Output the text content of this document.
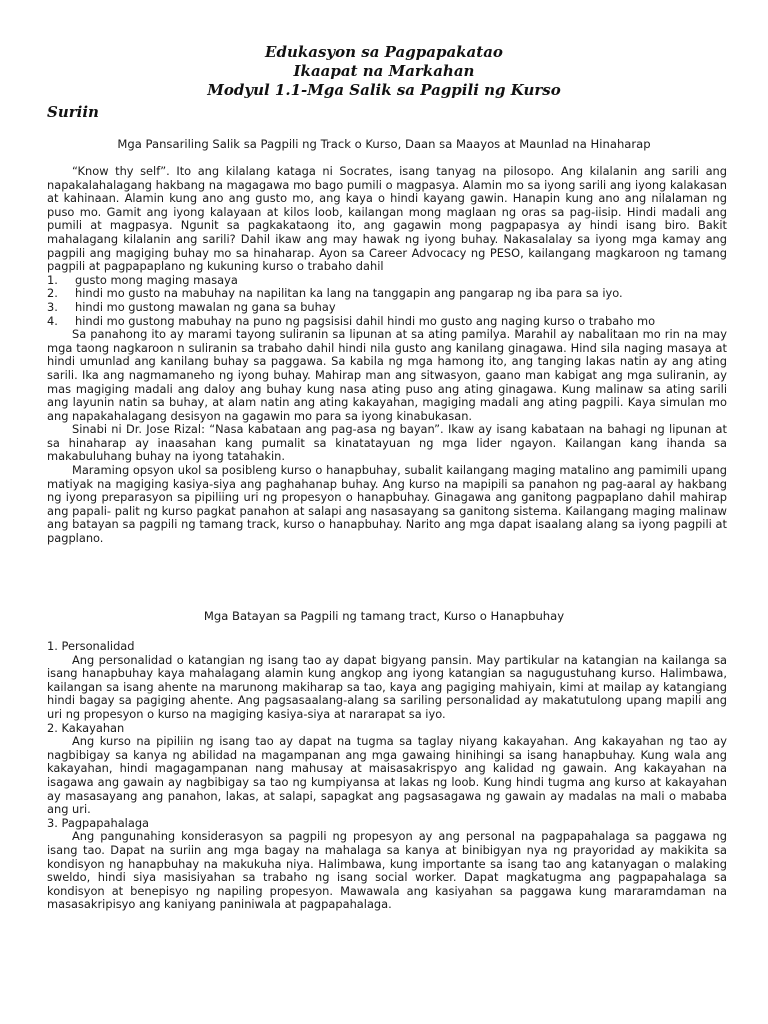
Edukasyon sa Pagpapakatao
Ikaapat na Markahan
Modyul 1.1-Mga Salik sa Pagpili ng Kurso
Suriin
Mga Pansariling Salik sa Pagpili ng Track o Kurso, Daan sa Maayos at Maunlad na Hinaharap

“Know thy self”. Ito ang kilalang kataga ni Socrates, isang tanyag na pilosopo. Ang kilalanin ang sarili ang napakalahalagang hakbang na magagawa mo bago pumili o magpasya. Alamin mo sa iyong sarili ang iyong kalakasan at kahinaan. Alamin kung ano ang gusto mo, ang kaya o hindi kayang gawin. Hanapin kung ano ang nilalaman ng puso mo. Gamit ang iyong kalayaan at kilos loob, kailangan mong maglaan ng oras sa pag-iisip. Hindi madali ang pumili at magpasya. Ngunit sa pagkakataong ito, ang gagawin mong pagpapasya ay hindi isang biro. Bakit mahalagang kilalanin ang sarili? Dahil ikaw ang may hawak ng iyong buhay. Nakasalalay sa iyong mga kamay ang pagpili ang magiging buhay mo sa hinaharap. Ayon sa Career Advocacy ng PESO, kailangang magkaroon ng tamang pagpili at pagpapaplano ng kukuning kurso o trabaho dahil

1.	gusto mong maging masaya
2.	hindi mo gusto na mabuhay na napilitan ka lang na tanggapin ang pangarap ng iba para sa iyo.
3.	hindi mo gustong mawalan ng gana sa buhay
4.	hindi mo gustong mabuhay na puno ng pagsisisi dahil hindi mo gusto ang naging kurso o trabaho mo

Sa panahong ito ay marami tayong suliranin sa lipunan at sa ating pamilya. Marahil ay nabalitaan mo rin na may mga taong nagkaroon n suliranin sa trabaho dahil hindi nila gusto ang kanilang ginagawa. Hind sila naging masaya at hindi umunlad ang kanilang buhay sa paggawa. Sa kabila ng mga hamong ito, ang tanging lakas natin ay ang ating sarili. Ika ang nagmamaneho ng iyong buhay. Mahirap man ang sitwasyon, gaano man kabigat ang mga suliranin, ay mas magiging madali ang daloy ang buhay kung nasa ating puso ang ating ginagawa. Kung malinaw sa ating sarili ang layunin natin sa buhay, at alam natin ang ating kakayahan, magiging madali ang ating pagpili. Kaya simulan mo ang napakahalagang desisyon na gagawin mo para sa iyong kinabukasan.

Sinabi ni Dr. Jose Rizal: “Nasa kabataan ang pag-asa ng bayan”. Ikaw ay isang kabataan na bahagi ng lipunan at sa hinaharap ay inaasahan kang pumalit sa kinatatayuan ng mga lider ngayon. Kailangan kang ihanda sa makabuluhang buhay na iyong tatahakin.

Maraming opsyon ukol sa posibleng kurso o hanapbuhay, subalit kailangang maging matalino ang pamimili upang matiyak na magiging kasiya-siya ang paghahanap buhay. Ang kurso na mapipili sa panahon ng pag-aaral ay hakbang ng iyong preparasyon sa pipiliing uri ng propesyon o hanapbuhay. Ginagawa ang ganitong pagpaplano dahil mahirap ang papali- palit ng kurso pagkat panahon at salapi ang nasasayang sa ganitong sistema. Kailangang maging malinaw ang batayan sa pagpili ng tamang track, kurso o hanapbuhay. Narito ang mga dapat isaalang alang sa iyong pagpili at pagplano.

Mga Batayan sa Pagpili ng tamang tract, Kurso o Hanapbuhay
1. Personalidad

Ang personalidad o katangian ng isang tao ay dapat bigyang pansin. May partikular na katangian na kailanga sa isang hanapbuhay kaya mahalagang alamin kung angkop ang iyong katangian sa nagugustuhang kurso. Halimbawa, kailangan sa isang ahente na marunong makiharap sa tao, kaya ang pagiging mahiyain, kimi at mailap ay katangiang hindi bagay sa pagiging ahente. Ang pagsasaalang-alang sa sariling personalidad ay makatutulong upang mapili ang uri ng propesyon o kurso na magiging kasiya-siya at nararapat sa iyo.

2. Kakayahan

Ang kurso na pipiliin ng isang tao ay dapat na tugma sa taglay niyang kakayahan. Ang kakayahan ng tao ay nagbibigay sa kanya ng abilidad na magampanan ang mga gawaing hinihingi sa isang hanapbuhay. Kung wala ang kakayahan, hindi magagampanan nang mahusay at maisasakrispyo ang kalidad ng gawain. Ang kakayahan na isagawa ang gawain ay nagbibigay sa tao ng kumpiyansa at lakas ng loob. Kung hindi tugma ang kurso at kakayahan ay masasayang ang panahon, lakas, at salapi, sapagkat ang pagsasagawa ng gawain ay madalas na mali o mababa ang uri.

3. Pagpapahalaga

Ang pangunahing konsiderasyon sa pagpili ng propesyon ay ang personal na pagpapahalaga sa paggawa ng isang tao. Dapat na suriin ang mga bagay na mahalaga sa kanya at binibigyan nya ng prayoridad ay makikita sa kondisyon ng hanapbuhay na makukuha niya. Halimbawa, kung importante sa isang tao ang katanyagan o malaking sweldo, hindi siya masisiyahan sa trabaho ng isang social worker. Dapat magkatugma ang pagpapahalaga sa kondisyon at benepisyo ng napiling propesyon. Mawawala ang kasiyahan sa paggawa kung mararamdaman na masasakripisyo ang kaniyang paniniwala at pagpapahalaga.
